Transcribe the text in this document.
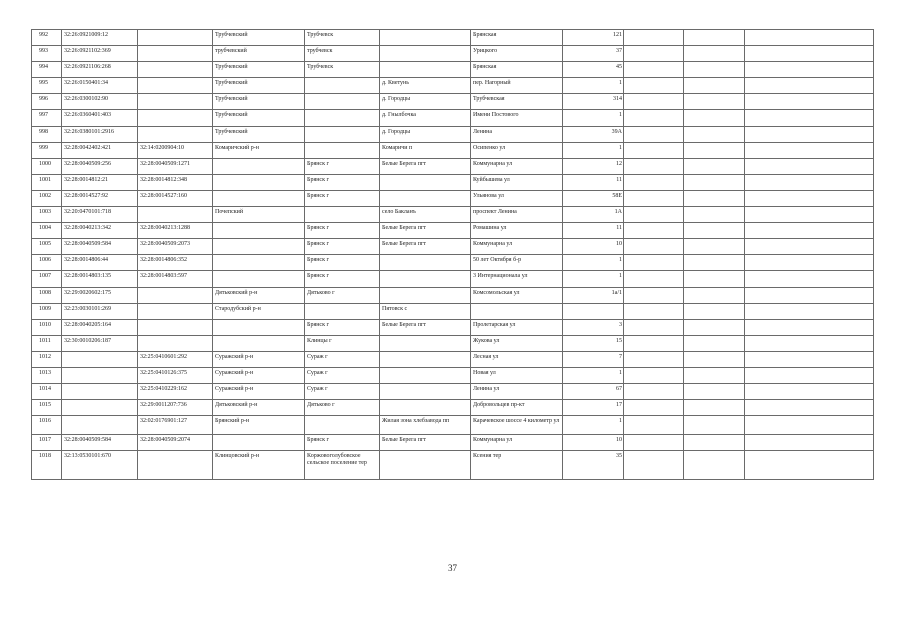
992	32:26:0921009:12		Трубчевский	Трубчевск		Брянская	121			
993	32:26:0921102:369		трубчевский	трубчевск		Урицкого	37			
994	32:26:0921106:268		Трубчевский	Трубчевск		Брянская	45			
995	32:26:0150401:34		Трубчевский		д. Кветунь	пер. Нагорный	1			
996	32:26:0300102:90		Трубчевский		д. Городцы	Трубчевская	314			
997	32:26:0360401:403		Трубчевский		д. Гнылбочка	Имени Постового	1			
998	32:26:0380101:2916		Трубчевский		д. Городцы	Ленина	39А			
999	32:28:0042402:421	32:14:0200904:10	Комаричский р-н		Комаричи п	Осипенко ул	1			
1000	32:28:0040509:256	32:28:0040509:1271		Брянск г	Белые Берега пгт	Коммунарна ул	12			
1001	32:28:0014812:21	32:28:0014812:348		Брянск г		Куйбышева ул	11			
1002	32:28:0014527:92	32:28:0014527:160		Брянск г		Ульянова ул	58Е			
1003	32:20:0470101:718		Почепский		село Бакланъ	проспект Ленина	1А			
1004	32:28:0040213:342	32:28:0040213:1288		Брянск г	Белые Берега пгт	Ромашина ул	11			
1005	32:28:0040509:584	32:28:0040509:2073		Брянск г	Белые Берега пгт	Коммунарна ул	10			
1006	32:28:0014806:44	32:28:0014806:352		Брянск г		50 лет Октября б-р	1			
1007	32:28:0014803:135	32:28:0014803:597		Брянск г		3 Интернационала ул	1			
1008	32:29:0020602:175		Дятьковский р-н	Дятьково г		Комсомольская ул	1а/1			
1009	32:23:0030101:269		Стародубский р-н		Пятовск с					
1010	32:28:0040205:164			Брянск г	Белые Берега пгт	Пролетарская ул	3			
1011	32:30:0010206:187			Клинцы г		Жукова ул	15			
1012		32:25:0410601:292	Суражский р-н	Сураж г		Лесная ул	7			
1013		32:25:0410126:375	Суражский р-н	Сураж г		Новая ул	1			
1014		32:25:0410229:162	Суражский р-н	Сураж г		Ленина ул	67			
1015		32:29:0011207:736	Дятьковский р-н	Дятьково г		Добровольцев пр-кт	17			
1016		32:02:0176901:127	Брянский р-н		Жилая зона хлебзавода пп	Карачевское шоссе 4 километр ул	1			
1017	32:28:0040509:584	32:28:0040509:2074		Брянск г	Белые Берега пгт	Коммунарна ул	10			
1018	32:13:0530101:670		Клинцовский р-н	Коржовоголубовское сельское поселение тер		Ксения тер	35			
37
